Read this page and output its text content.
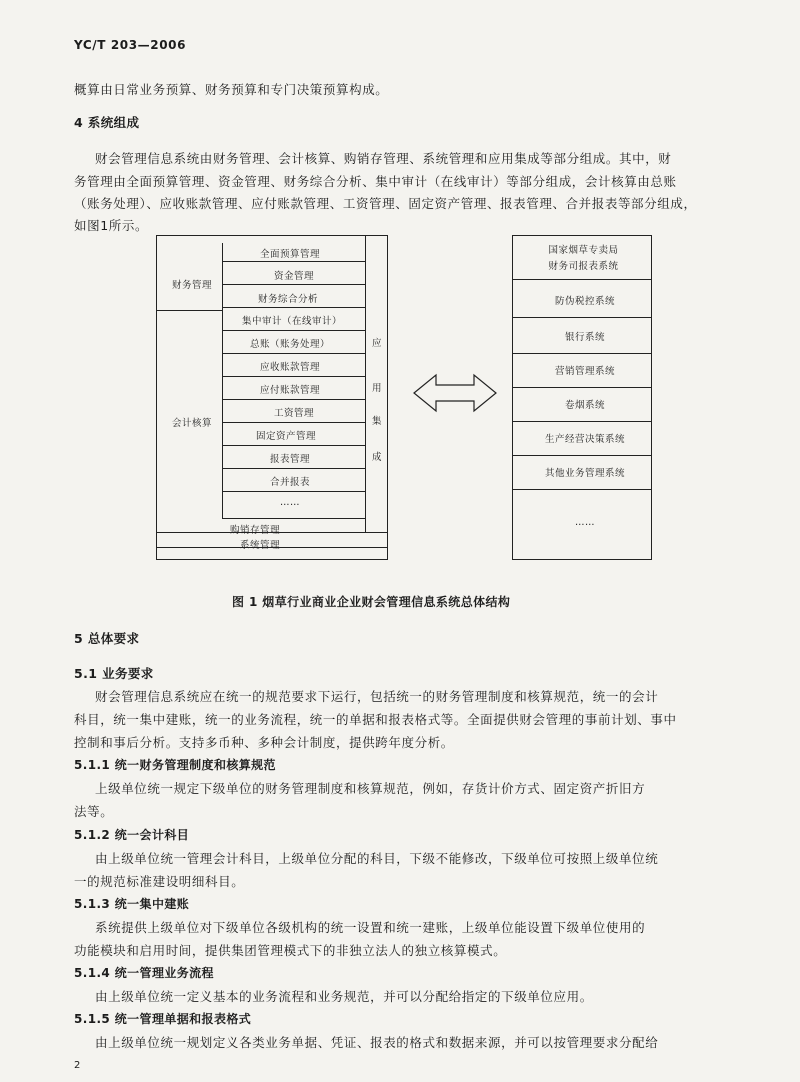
YC/T 203—2006
概算由日常业务预算、财务预算和专门决策预算构成。
4 系统组成
财会管理信息系统由财务管理、会计核算、购销存管理、系统管理和应用集成等部分组成。其中，财
务管理由全面预算管理、资金管理、财务综合分析、集中审计（在线审计）等部分组成，会计核算由总账
（账务处理）、应收账款管理、应付账款管理、工资管理、固定资产管理、报表管理、合并报表等部分组成，
如图1所示。
财务管理
会计核算
全面预算管理
资金管理
财务综合分析
集中审计（在线审计）
总账（账务处理）
应收账款管理
应付账款管理
工资管理
固定资产管理
报表管理
合并报表
……
购销存管理
系统管理
应
用
集
成
国家烟草专卖局
财务司报表系统
防伪税控系统
银行系统
营销管理系统
卷烟系统
生产经营决策系统
其他业务管理系统
……
图 1 烟草行业商业企业财会管理信息系统总体结构
5 总体要求
5.1 业务要求
财会管理信息系统应在统一的规范要求下运行，包括统一的财务管理制度和核算规范，统一的会计
科目，统一集中建账，统一的业务流程，统一的单据和报表格式等。全面提供财会管理的事前计划、事中
控制和事后分析。支持多币种、多种会计制度，提供跨年度分析。
5.1.1 统一财务管理制度和核算规范
上级单位统一规定下级单位的财务管理制度和核算规范，例如，存货计价方式、固定资产折旧方
法等。
5.1.2 统一会计科目
由上级单位统一管理会计科目，上级单位分配的科目，下级不能修改，下级单位可按照上级单位统
一的规范标准建设明细科目。
5.1.3 统一集中建账
系统提供上级单位对下级单位各级机构的统一设置和统一建账，上级单位能设置下级单位使用的
功能模块和启用时间，提供集团管理模式下的非独立法人的独立核算模式。
5.1.4 统一管理业务流程
由上级单位统一定义基本的业务流程和业务规范，并可以分配给指定的下级单位应用。
5.1.5 统一管理单据和报表格式
由上级单位统一规划定义各类业务单据、凭证、报表的格式和数据来源，并可以按管理要求分配给
2
